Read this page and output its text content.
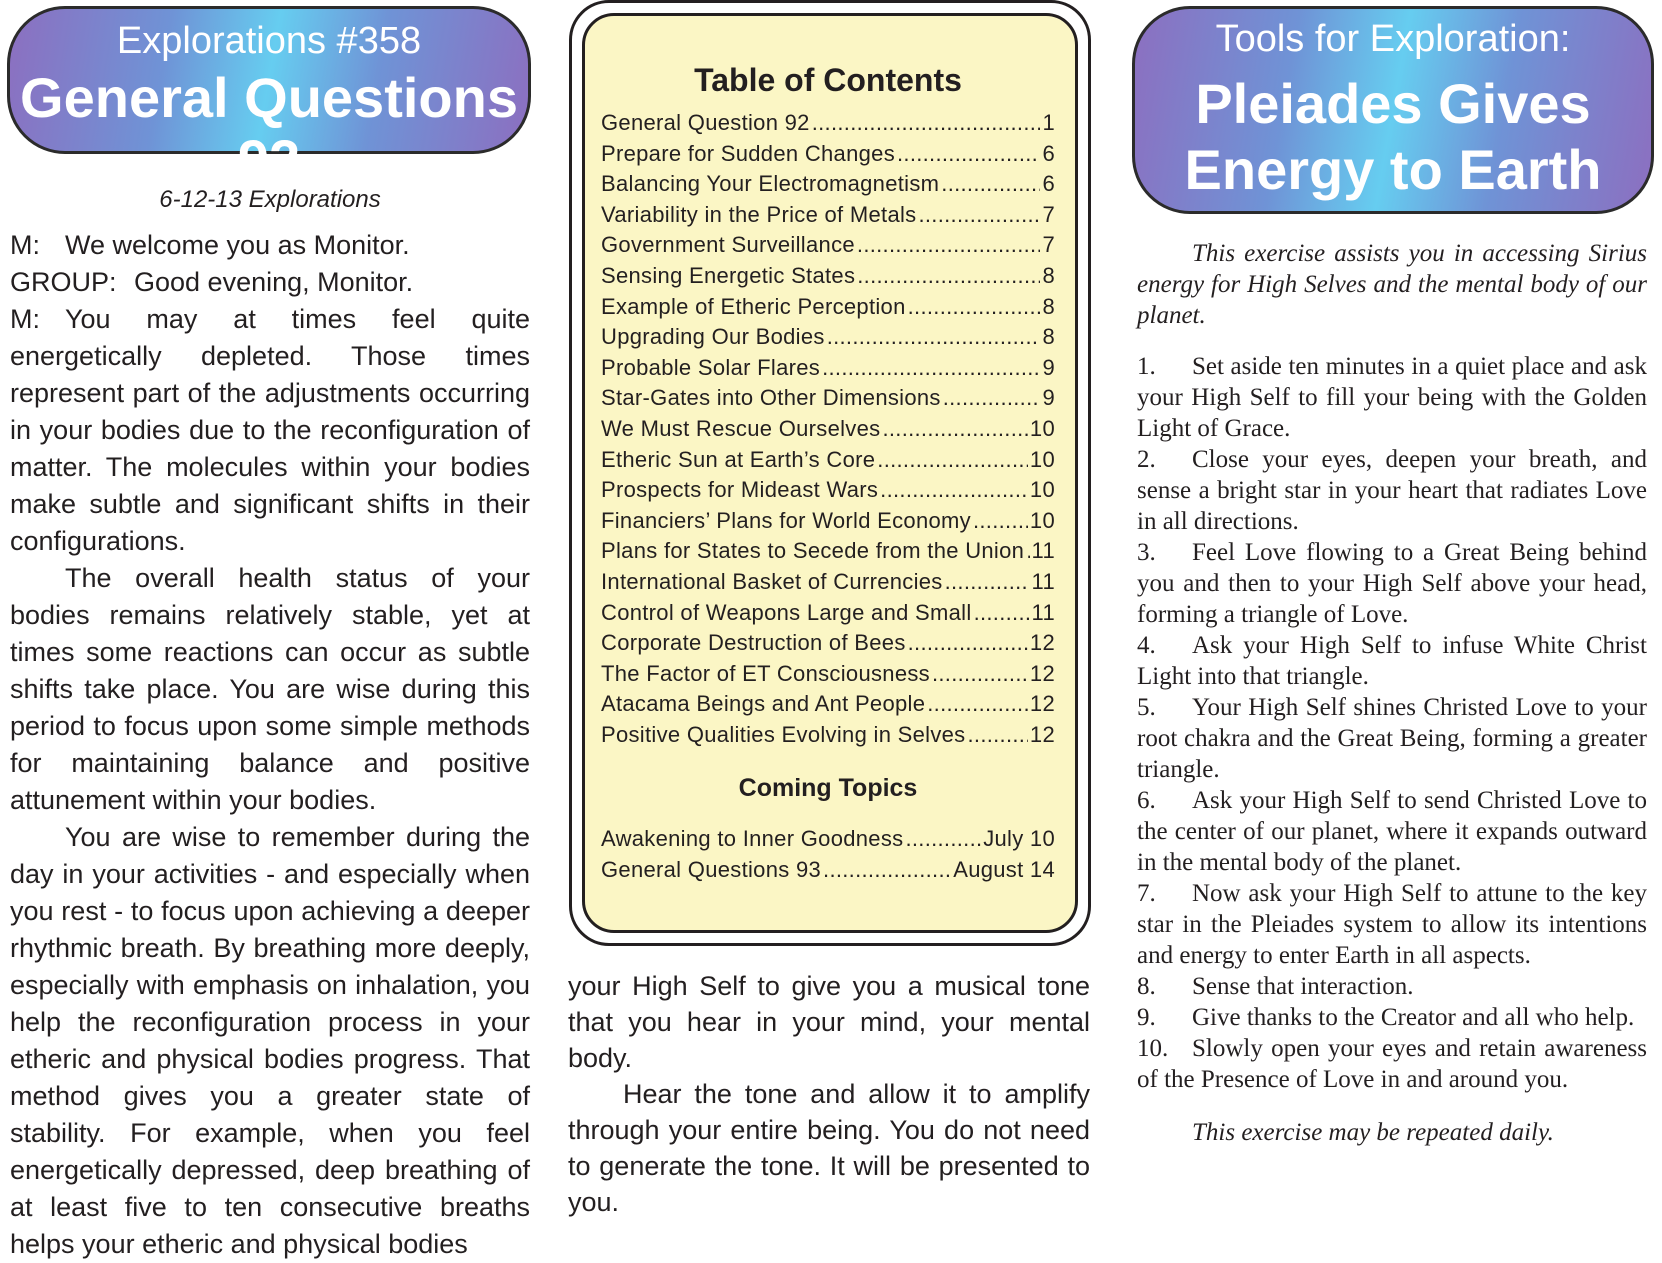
Explorations #358
General Questions 92

6-12-13 Explorations

M: We welcome you as Monitor.

GROUP: Good evening, Monitor.

M: You may at times feel quite energetically depleted. Those times represent part of the adjustments occurring in your bodies due to the reconfiguration of matter. The molecules within your bodies make subtle and significant shifts in their configurations.

The overall health status of your bodies remains relatively stable, yet at times some reactions can occur as subtle shifts take place. You are wise during this period to focus upon some simple methods for maintaining balance and positive attunement within your bodies.

You are wise to remember during the day in your activities - and especially when you rest - to focus upon achieving a deeper rhythmic breath. By breathing more deeply, especially with emphasis on inhalation, you help the reconfiguration process in your etheric and physical bodies progress. That method gives you a greater state of stability. For example, when you feel energetically depressed, deep breathing of at least five to ten consecutive breaths helps your etheric and physical bodies

Table of Contents
General Question 92 .....	1
Prepare for Sudden Changes .....	6
Balancing Your Electromagnetism .....	6
Variability in the Price of Metals .....	7
Government Surveillance .....	7
Sensing Energetic States .....	8
Example of Etheric Perception .....	8
Upgrading Our Bodies .....	8
Probable Solar Flares .....	9
Star-Gates into Other Dimensions .....	9
We Must Rescue Ourselves .....	10
Etheric Sun at Earth’s Core .....	10
Prospects for Mideast Wars .....	10
Financiers’ Plans for World Economy .....	10
Plans for States to Secede from the Union ..... 11
International Basket of Currencies .....	11
Control of Weapons Large and Small .....	11
Corporate Destruction of Bees .....	12
The Factor of ET Consciousness .....	12
Atacama Beings and Ant People .....	12
Positive Qualities Evolving in Selves .....	12
Coming Topics
Awakening to Inner Goodness .....	July 10
General Questions 93 .....	August 14

your High Self to give you a musical tone that you hear in your mind, your mental body.

Hear the tone and allow it to amplify through your entire being. You do not need to generate the tone. It will be presented to you.

Tools for Exploration:
Pleiades Gives
Energy to Earth

This exercise assists you in accessing Sirius energy for High Selves and the mental body of our planet.

1. Set aside ten minutes in a quiet place and ask your High Self to fill your being with the Golden Light of Grace.

2. Close your eyes, deepen your breath, and sense a bright star in your heart that radiates Love in all directions.

3. Feel Love flowing to a Great Being behind you and then to your High Self above your head, forming a triangle of Love.

4. Ask your High Self to infuse White Christ Light into that triangle.

5. Your High Self shines Christed Love to your root chakra and the Great Being, forming a greater triangle.

6. Ask your High Self to send Christed Love to the center of our planet, where it expands outward in the mental body of the planet.

7. Now ask your High Self to attune to the key star in the Pleiades system to allow its intentions and energy to enter Earth in all aspects.

8. Sense that interaction.

9. Give thanks to the Creator and all who help.

10. Slowly open your eyes and retain awareness of the Presence of Love in and around you.

This exercise may be repeated daily.
